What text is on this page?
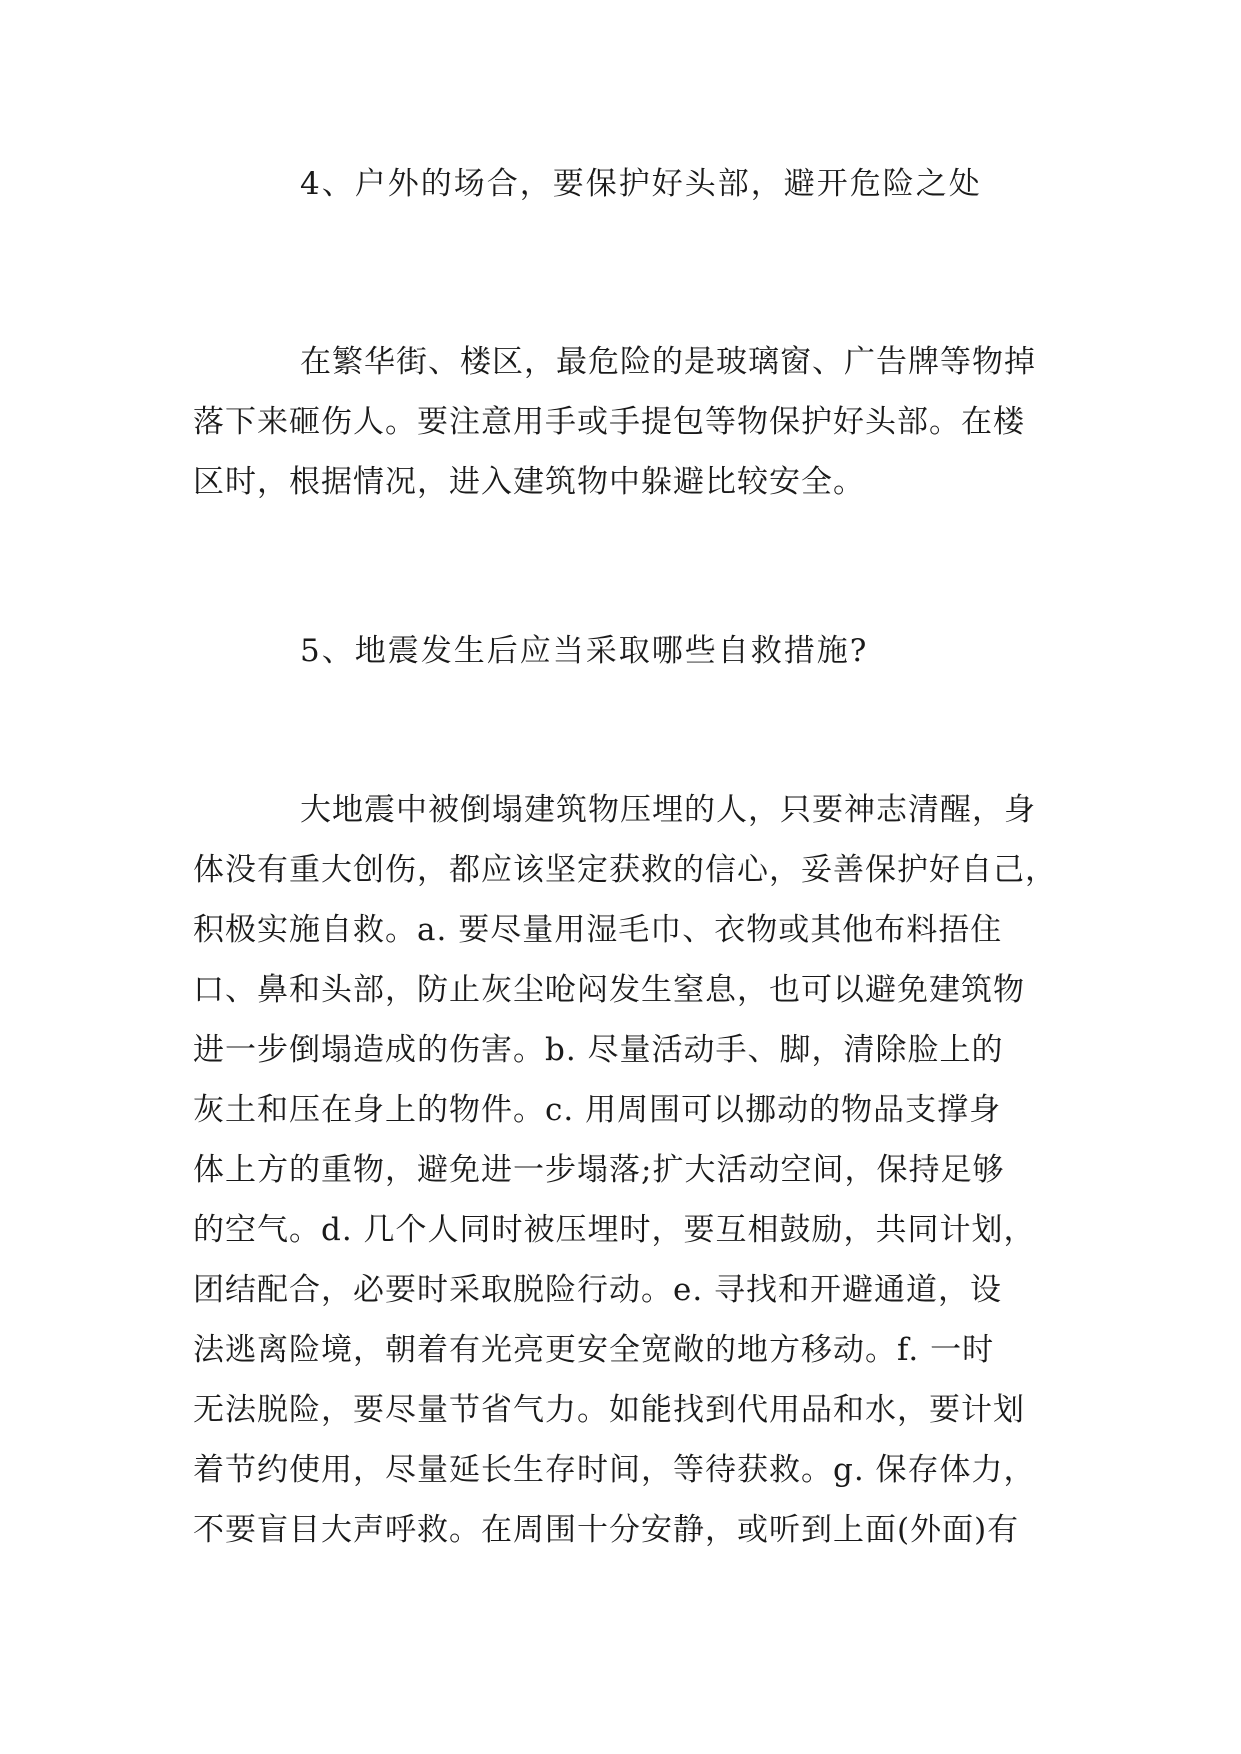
4、户外的场合，要保护好头部，避开危险之处

在繁华街、楼区，最危险的是玻璃窗、广告牌等物掉
落下来砸伤人。要注意用手或手提包等物保护好头部。在楼
区时，根据情况，进入建筑物中躲避比较安全。

5、地震发生后应当采取哪些自救措施?

大地震中被倒塌建筑物压埋的人，只要神志清醒，身
体没有重大创伤，都应该坚定获救的信心，妥善保护好自己，
积极实施自救。a. 要尽量用湿毛巾、衣物或其他布料捂住
口、鼻和头部，防止灰尘呛闷发生窒息，也可以避免建筑物
进一步倒塌造成的伤害。b. 尽量活动手、脚，清除脸上的
灰土和压在身上的物件。c. 用周围可以挪动的物品支撑身
体上方的重物，避免进一步塌落;扩大活动空间，保持足够
的空气。d. 几个人同时被压埋时，要互相鼓励，共同计划，
团结配合，必要时采取脱险行动。e. 寻找和开避通道，设
法逃离险境，朝着有光亮更安全宽敞的地方移动。f. 一时
无法脱险，要尽量节省气力。如能找到代用品和水，要计划
着节约使用，尽量延长生存时间，等待获救。g. 保存体力，
不要盲目大声呼救。在周围十分安静，或听到上面(外面)有
